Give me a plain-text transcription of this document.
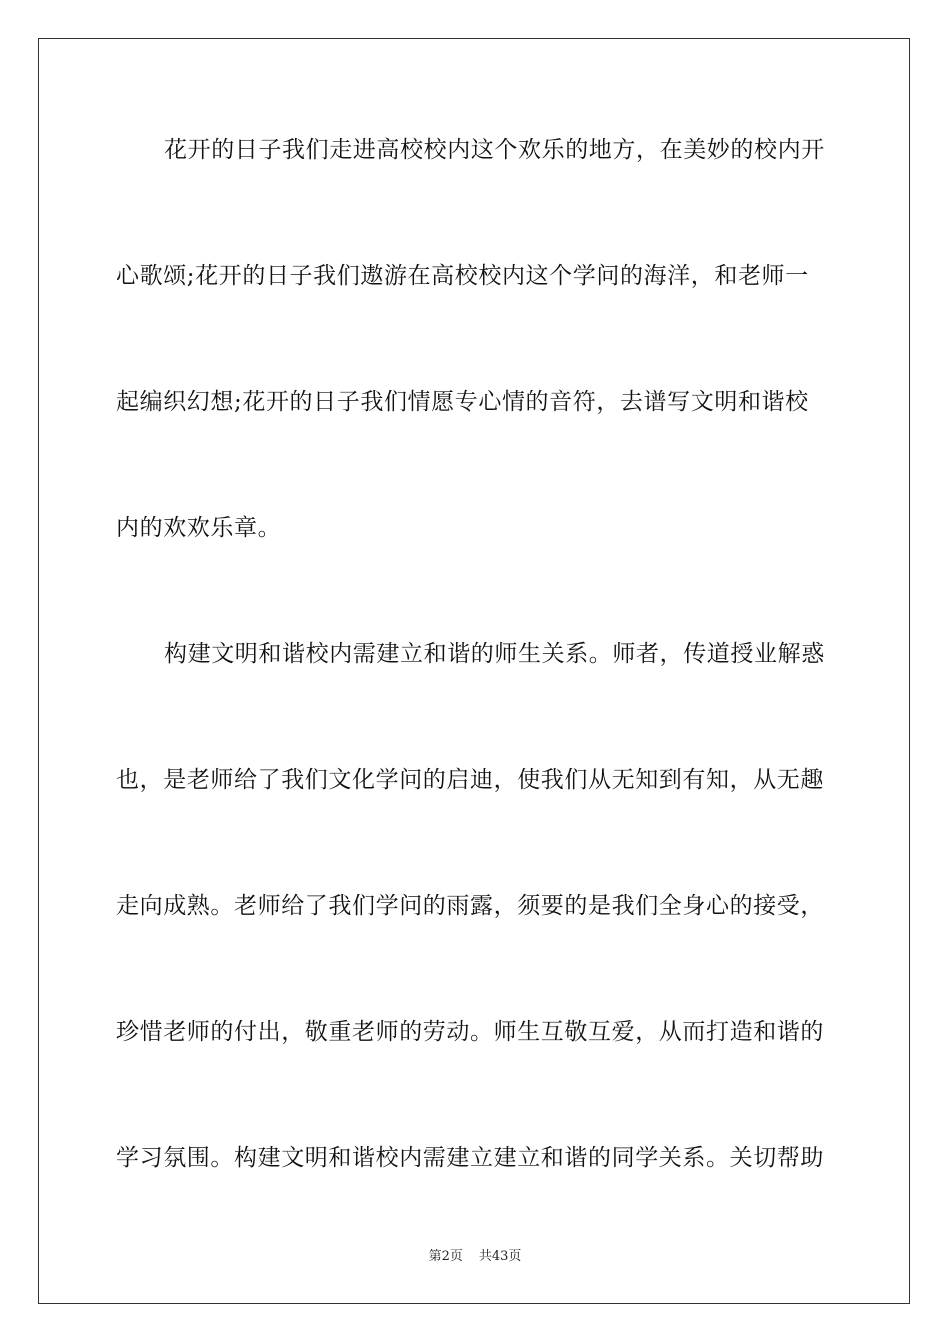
花开的日子我们走进高校校内这个欢乐的地方，在美妙的校内开
心歌颂;花开的日子我们遨游在高校校内这个学问的海洋，和老师一
起编织幻想;花开的日子我们情愿专心情的音符，去谱写文明和谐校
内的欢欢乐章。
构建文明和谐校内需建立和谐的师生关系。师者，传道授业解惑
也，是老师给了我们文化学问的启迪，使我们从无知到有知，从无趣
走向成熟。老师给了我们学问的雨露，须要的是我们全身心的接受，
珍惜老师的付出，敬重老师的劳动。师生互敬互爱，从而打造和谐的
学习氛围。构建文明和谐校内需建立建立和谐的同学关系。关切帮助
第2页 共43页
